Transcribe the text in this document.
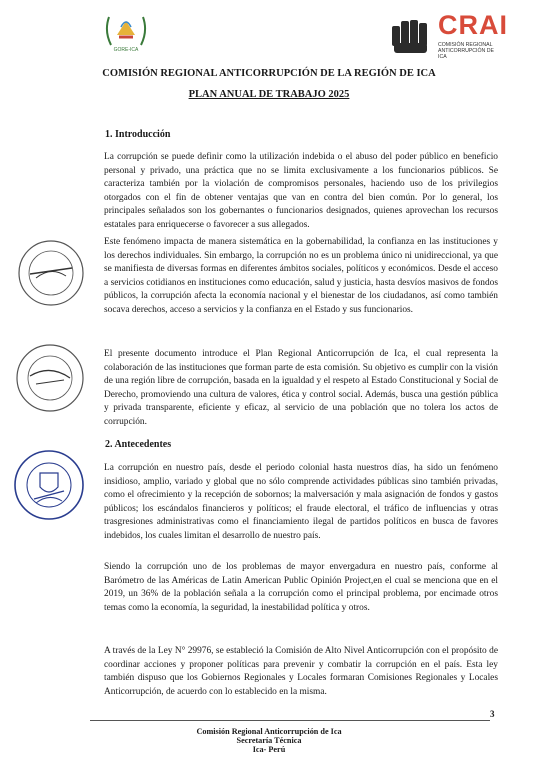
GORE-ICA
CRAI
COMISIÓN REGIONAL ANTICORRUPCIÓN DE ICA
COMISIÓN REGIONAL ANTICORRUPCIÓN DE LA REGIÓN DE ICA
PLAN ANUAL DE TRABAJO 2025
1. Introducción

La corrupción se puede definir como la utilización indebida o el abuso del poder público en beneficio personal y privado, una práctica que no se limita exclusivamente a los funcionarios públicos. Se caracteriza también por la violación de compromisos personales, haciendo uso de los privilegios otorgados con el fin de obtener ventajas que van en contra del bien común. Por lo general, los principales señalados son los gobernantes o funcionarios designados, quienes aprovechan los recursos estatales para enriquecerse o favorecer a sus allegados.

Este fenómeno impacta de manera sistemática en la gobernabilidad, la confianza en las instituciones y los derechos individuales. Sin embargo, la corrupción no es un problema único ni unidireccional, ya que se manifiesta de diversas formas en diferentes ámbitos sociales, políticos y económicos. Desde el acceso a servicios cotidianos en instituciones como educación, salud y justicia, hasta desvíos masivos de fondos públicos, la corrupción afecta la economía nacional y el bienestar de los ciudadanos, así como también socava derechos, acceso a servicios y la confianza en el Estado y sus funcionarios.

El presente documento introduce el Plan Regional Anticorrupción de Ica, el cual representa la colaboración de las instituciones que forman parte de esta comisión. Su objetivo es cumplir con la visión de una región libre de corrupción, basada en la igualdad y el respeto al Estado Constitucional y Social de Derecho, promoviendo una cultura de valores, ética y control social. Además, busca una gestión pública y privada transparente, eficiente y eficaz, al servicio de una población que no tolera los actos de corrupción.

2. Antecedentes

La corrupción en nuestro país, desde el periodo colonial hasta nuestros días, ha sido un fenómeno insidioso, amplio, variado y global que no sólo comprende actividades públicas sino también privadas, como el ofrecimiento y la recepción de sobornos; la malversación y mala asignación de fondos y gastos públicos; los escándalos financieros y políticos; el fraude electoral, el tráfico de influencias y otras trasgresiones administrativas como el financiamiento ilegal de partidos políticos en busca de favores indebidos, los cuales limitan el desarrollo de nuestro país.

Siendo la corrupción uno de los problemas de mayor envergadura en nuestro país, conforme al Barómetro de las Américas de Latin American Public Opinión Project,en el cual se menciona que en el 2019, un 36% de la población señala a la corrupción como el principal problema, por encimade otros temas como la economía, la seguridad, la inestabilidad política y otros.

A través de la Ley N° 29976, se estableció la Comisión de Alto Nivel Anticorrupción con el propósito de coordinar acciones y proponer políticas para prevenir y combatir la corrupción en el país. Esta ley también dispuso que los Gobiernos Regionales y Locales formaran Comisiones Regionales y Locales Anticorrupción, de acuerdo con lo establecido en la misma.

3
Comisión Regional Anticorrupción de Ica
Secretaría Técnica
Ica- Perú
